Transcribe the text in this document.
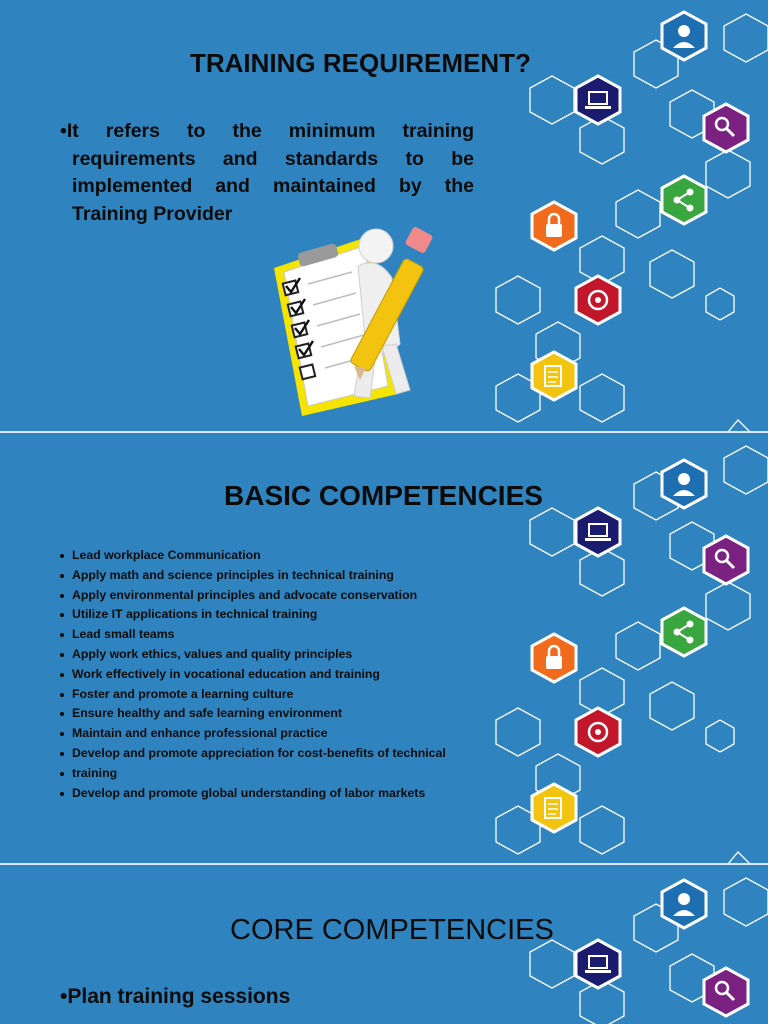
TRAINING REQUIREMENT?

•It refers to the minimum training requirements and standards to be implemented and maintained by the Training Provider

BASIC COMPETENCIES
Lead workplace Communication
Apply math and science principles in technical training
Apply environmental principles and advocate conservation
Utilize IT applications in technical training
Lead small teams
Apply work ethics, values and quality principles
Work effectively in vocational education and training
Foster and promote a learning culture
Ensure healthy and safe learning environment
Maintain and enhance professional practice
Develop and promote appreciation for cost-benefits of technical
training
Develop and promote global understanding of labor markets
CORE COMPETENCIES

•Plan training sessions
